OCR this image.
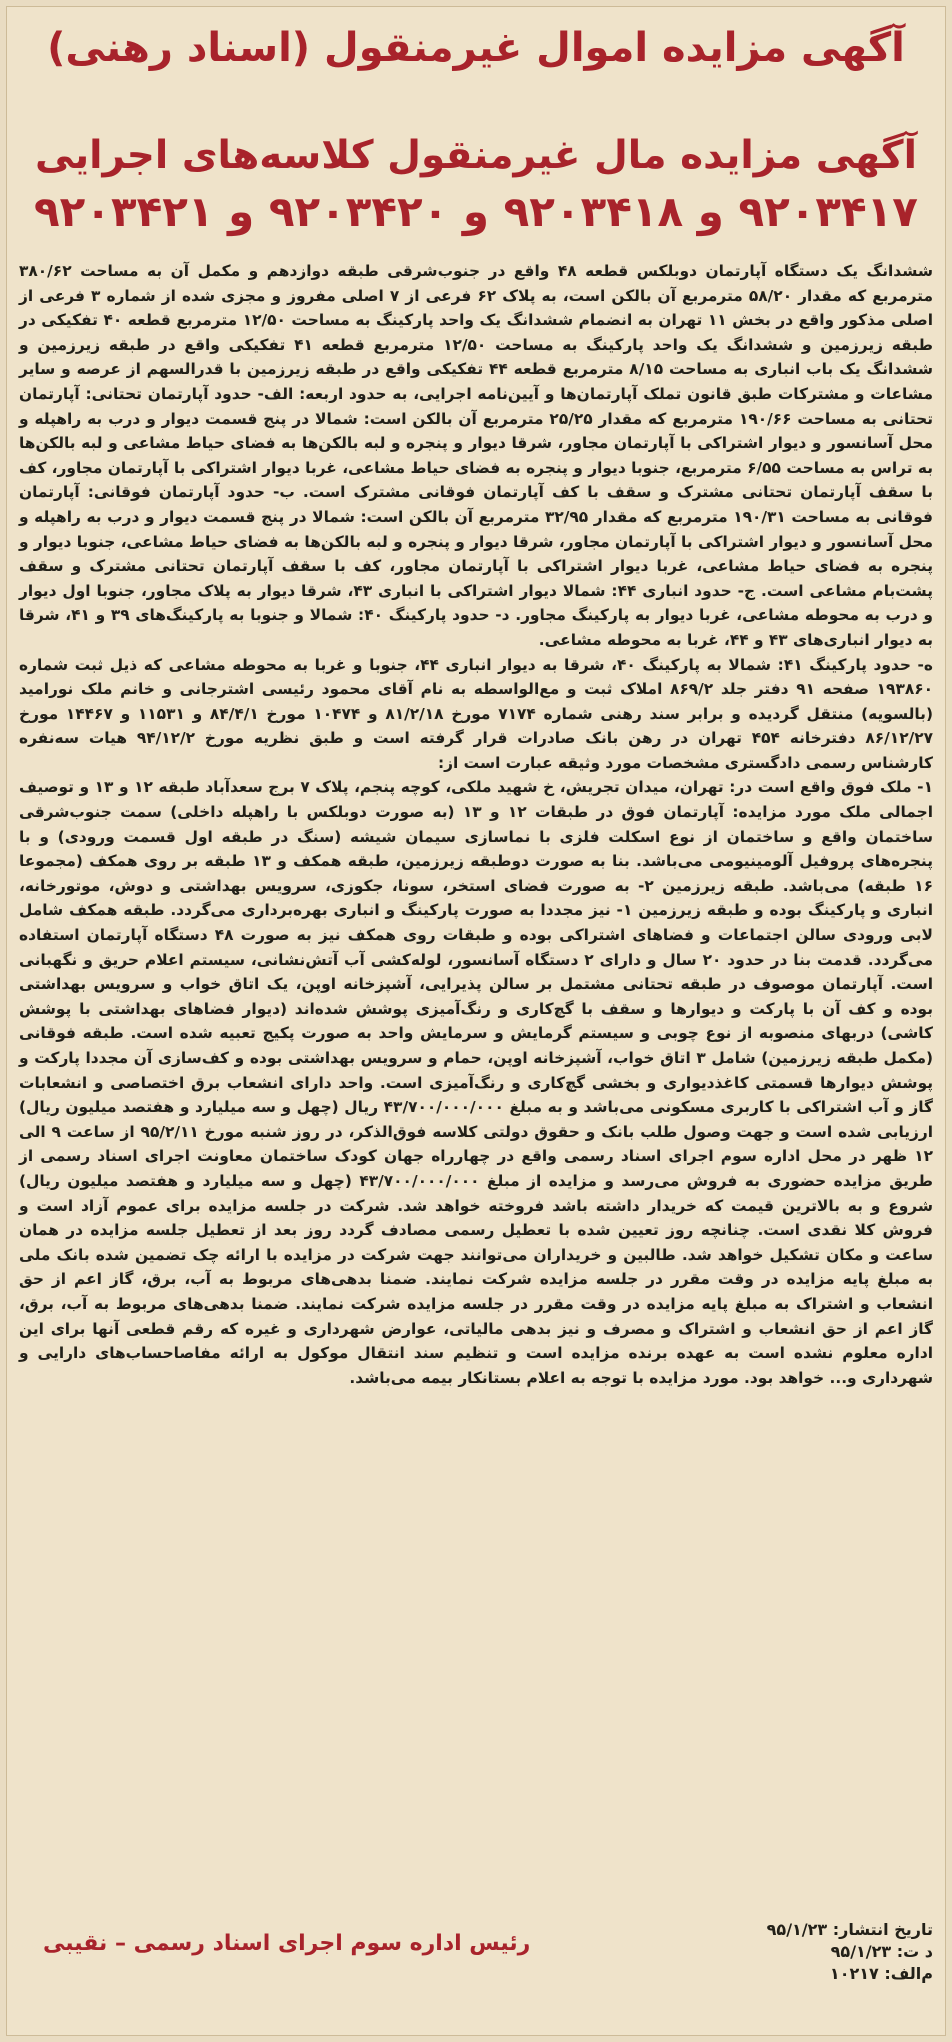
آگهی مزایده اموال غیرمنقول (اسناد رهنی)
آگهی مزایده مال غیرمنقول کلاسه‌های اجرایی
۹۲۰۳۴۱۷ و ۹۲۰۳۴۱۸ و ۹۲۰۳۴۲۰ و ۹۲۰۳۴۲۱

ششدانگ یک دستگاه آپارتمان دوبلکس قطعه ۴۸ واقع در جنوب‌شرقی طبقه دوازدهم و مکمل آن به مساحت ۳۸۰/۶۲ مترمربع که مقدار ۵۸/۲۰ مترمربع آن بالکن است، به پلاک ۶۲ فرعی از ۷ اصلی مفروز و مجزی شده از شماره ۳ فرعی از اصلی مذکور واقع در بخش ۱۱ تهران به انضمام ششدانگ یک واحد پارکینگ به مساحت ۱۲/۵۰ مترمربع قطعه ۴۰ تفکیکی در طبقه زیرزمین و ششدانگ یک واحد پارکینگ به مساحت ۱۲/۵۰ مترمربع قطعه ۴۱ تفکیکی واقع در طبقه زیرزمین و ششدانگ یک باب انباری به مساحت ۸/۱۵ مترمربع قطعه ۴۴ تفکیکی واقع در طبقه زیرزمین با قدرالسهم از عرصه و سایر مشاعات و مشترکات طبق قانون تملک آپارتمان‌ها و آیین‌نامه اجرایی، به حدود اربعه: الف- حدود آپارتمان تحتانی: آپارتمان تحتانی به مساحت ۱۹۰/۶۶ مترمربع که مقدار ۲۵/۲۵ مترمربع آن بالکن است: شمالا در پنج قسمت دیوار و درب به راهپله و محل آسانسور و دیوار اشتراکی با آپارتمان مجاور، شرقا دیوار و پنجره و لبه بالکن‌ها به فضای حیاط مشاعی و لبه بالکن‌ها به تراس به مساحت ۶/۵۵ مترمربع، جنوبا دیوار و پنجره به فضای حیاط مشاعی، غربا دیوار اشتراکی با آپارتمان مجاور، کف با سقف آپارتمان تحتانی مشترک و سقف با کف آپارتمان فوقانی مشترک است. ب- حدود آپارتمان فوقانی: آپارتمان فوقانی به مساحت ۱۹۰/۳۱ مترمربع که مقدار ۳۲/۹۵ مترمربع آن بالکن است: شمالا در پنج قسمت دیوار و درب به راهپله و محل آسانسور و دیوار اشتراکی با آپارتمان مجاور، شرقا دیوار و پنجره و لبه بالکن‌ها به فضای حیاط مشاعی، جنوبا دیوار و پنجره به فضای حیاط مشاعی، غربا دیوار اشتراکی با آپارتمان مجاور، کف با سقف آپارتمان تحتانی مشترک و سقف پشت‌بام مشاعی است. ج- حدود انباری ۴۴: شمالا دیوار اشتراکی با انباری ۴۳، شرقا دیوار به پلاک مجاور، جنوبا اول دیوار و درب به محوطه مشاعی، غربا دیوار به پارکینگ مجاور. د- حدود پارکینگ ۴۰: شمالا و جنوبا به پارکینگ‌های ۳۹ و ۴۱، شرقا به دیوار انباری‌های ۴۳ و ۴۴، غربا به محوطه مشاعی.

ه- حدود پارکینگ ۴۱: شمالا به پارکینگ ۴۰، شرقا به دیوار انباری ۴۴، جنوبا و غربا به محوطه مشاعی که ذیل ثبت شماره ۱۹۳۸۶۰ صفحه ۹۱ دفتر جلد ۸۶۹/۲ املاک ثبت و مع‌الواسطه به نام آقای محمود رئیسی اشترجانی و خانم ملک نورامید (بالسویه) منتقل گردیده و برابر سند رهنی شماره ۷۱۷۴ مورخ ۸۱/۲/۱۸ و ۱۰۴۷۴ مورخ ۸۴/۴/۱ و ۱۱۵۳۱ و ۱۴۴۶۷ مورخ ۸۶/۱۲/۲۷ دفترخانه ۴۵۴ تهران در رهن بانک صادرات قرار گرفته است و طبق نظریه مورخ ۹۴/۱۲/۲ هیات سه‌نفره کارشناس رسمی دادگستری مشخصات مورد وثیقه عبارت است از:

۱- ملک فوق واقع است در: تهران، میدان تجریش، خ شهید ملکی، کوچه پنجم، پلاک ۷ برج سعدآباد طبقه ۱۲ و ۱۳ و توصیف اجمالی ملک مورد مزایده: آپارتمان فوق در طبقات ۱۲ و ۱۳ (به صورت دوبلکس با راهپله داخلی) سمت جنوب‌شرقی ساختمان واقع و ساختمان از نوع اسکلت فلزی با نماسازی سیمان شیشه (سنگ در طبقه اول قسمت ورودی) و با پنجره‌های پروفیل آلومینیومی می‌باشد. بنا به صورت دوطبقه زیرزمین، طبقه همکف و ۱۳ طبقه بر روی همکف (مجموعا ۱۶ طبقه) می‌باشد. طبقه زیرزمین ۲- به صورت فضای استخر، سونا، جکوزی، سرویس بهداشتی و دوش، موتورخانه، انباری و پارکینگ بوده و طبقه زیرزمین ۱- نیز مجددا به صورت پارکینگ و انباری بهره‌برداری می‌گردد. طبقه همکف شامل لابی ورودی سالن اجتماعات و فضاهای اشتراکی بوده و طبقات روی همکف نیز به صورت ۴۸ دستگاه آپارتمان استفاده می‌گردد. قدمت بنا در حدود ۲۰ سال و دارای ۲ دستگاه آسانسور، لوله‌کشی آب آتش‌نشانی، سیستم اعلام حریق و نگهبانی است. آپارتمان موصوف در طبقه تحتانی مشتمل بر سالن پذیرایی، آشپزخانه اوپن، یک اتاق خواب و سرویس بهداشتی بوده و کف آن با پارکت و دیوارها و سقف با گچ‌کاری و رنگ‌آمیزی پوشش شده‌اند (دیوار فضاهای بهداشتی با پوشش کاشی) دربهای منصوبه از نوع چوبی و سیستم گرمایش و سرمایش واحد به صورت پکیج تعبیه شده است. طبقه فوقانی (مکمل طبقه زیرزمین) شامل ۳ اتاق خواب، آشپزخانه اوپن، حمام و سرویس بهداشتی بوده و کف‌سازی آن مجددا پارکت و پوشش دیوارها قسمتی کاغذدیواری و بخشی گچ‌کاری و رنگ‌آمیزی است. واحد دارای انشعاب برق اختصاصی و انشعابات گاز و آب اشتراکی با کاربری مسکونی می‌باشد و به مبلغ ۴۳/۷۰۰/۰۰۰/۰۰۰ ریال (چهل و سه میلیارد و هفتصد میلیون ریال) ارزیابی شده است و جهت وصول طلب بانک و حقوق دولتی کلاسه فوق‌الذکر، در روز شنبه مورخ ۹۵/۲/۱۱ از ساعت ۹ الی ۱۲ ظهر در محل اداره سوم اجرای اسناد رسمی واقع در چهارراه جهان کودک ساختمان معاونت اجرای اسناد رسمی از طریق مزایده حضوری به فروش می‌رسد و مزایده از مبلغ ۴۳/۷۰۰/۰۰۰/۰۰۰ (چهل و سه میلیارد و هفتصد میلیون ریال) شروع و به بالاترین قیمت که خریدار داشته باشد فروخته خواهد شد. شرکت در جلسه مزایده برای عموم آزاد است و فروش کلا نقدی است. چنانچه روز تعیین شده با تعطیل رسمی مصادف گردد روز بعد از تعطیل جلسه مزایده در همان ساعت و مکان تشکیل خواهد شد. طالبین و خریداران می‌توانند جهت شرکت در مزایده با ارائه چک تضمین شده بانک ملی به مبلغ پایه مزایده در وقت مقرر در جلسه مزایده شرکت نمایند. ضمنا بدهی‌های مربوط به آب، برق، گاز اعم از حق انشعاب و اشتراک به مبلغ پایه مزایده در وقت مقرر در جلسه مزایده شرکت نمایند. ضمنا بدهی‌های مربوط به آب، برق، گاز اعم از حق انشعاب و اشتراک و مصرف و نیز بدهی مالیاتی، عوارض شهرداری و غیره که رقم قطعی آنها برای این اداره معلوم نشده است به عهده برنده مزایده است و تنظیم سند انتقال موکول به ارائه مفاصاحساب‌های دارایی و شهرداری و... خواهد بود. مورد مزایده با توجه به اعلام بستانکار بیمه می‌باشد.

تاریخ انتشار: ۹۵/۱/۲۳
د ت: ۹۵/۱/۲۳
م‌الف: ۱۰۲۱۷
رئیس اداره سوم اجرای اسناد رسمی – نقیبی
